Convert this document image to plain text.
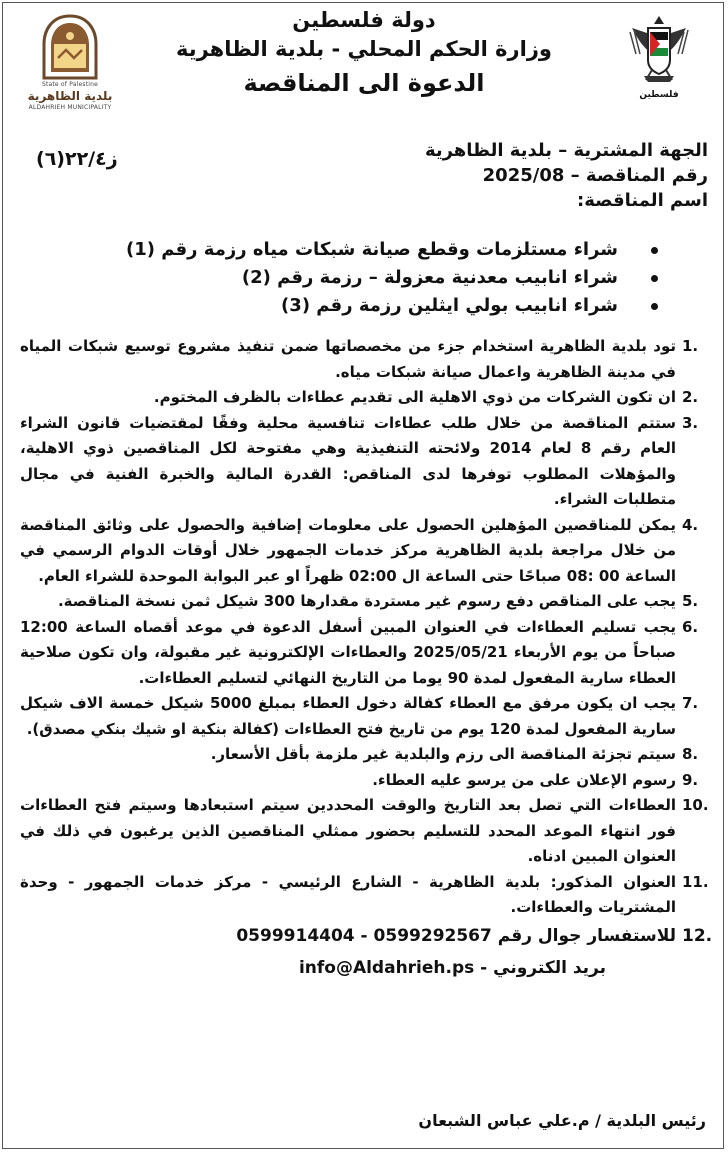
State of Palestine
بلدية الظاهرية
ALDAHRIEH MUNICIPALITY
فلسطين
دولة فلسطين
وزارة الحكم المحلي - بلدية الظاهرية
الدعوة الى المناقصة
ز٢٢/٤(٦)	الجهة المشترية – بلدية الظاهرية
رقم المناقصة – 2025/08
اسم المناقصة:
شراء مستلزمات وقطع صيانة شبكات مياه رزمة رقم (1)
شراء انابيب معدنية معزولة – رزمة رقم (2)
شراء انابيب بولي ايثلين رزمة رقم (3)
1.
تود بلدية الظاهرية استخدام جزء من مخصصاتها ضمن تنفيذ مشروع توسيع شبكات المياه في مدينة الظاهرية واعمال صيانة شبكات مياه.
2.
ان تكون الشركات من ذوي الاهلية الى تقديم عطاءات بالظرف المختوم.
3.
ستتم المناقصة من خلال طلب عطاءات تنافسية محلية وفقًا لمقتضيات قانون الشراء العام رقم 8 لعام 2014 ولائحته التنفيذية وهي مفتوحة لكل المناقصين ذوي الاهلية، والمؤهلات المطلوب توفرها لدى المناقص: القدرة المالية والخبرة الفنية في مجال متطلبات الشراء.
4.
يمكن للمناقصين المؤهلين الحصول على معلومات إضافية والحصول على وثائق المناقصة من خلال مراجعة بلدية الظاهرية مركز خدمات الجمهور خلال أوقات الدوام الرسمي في الساعة 00 :08 صباحًا حتى الساعة ال 02:00 ظهراً او عبر البوابة الموحدة للشراء العام.
5.
يجب على المناقص دفع رسوم غير مستردة مقدارها 300 شيكل ثمن نسخة المناقصة.
6.
يجب تسليم العطاءات في العنوان المبين أسفل الدعوة في موعد أقصاه الساعة 12:00 صباحاً من يوم الأربعاء 2025/05/21 والعطاءات الإلكترونية غير مقبولة، وان تكون صلاحية العطاء سارية المفعول لمدة 90 يوما من التاريخ النهائي لتسليم العطاءات.
7.
يجب ان يكون مرفق مع العطاء كفالة دخول العطاء بمبلغ 5000 شيكل خمسة الاف شيكل سارية المفعول لمدة 120 يوم من تاريخ فتح العطاءات (كفالة بنكية او شيك بنكي مصدق).
8.
سيتم تجزئة المناقصة الى رزم والبلدية غير ملزمة بأقل الأسعار.
9.
رسوم الإعلان على من يرسو عليه العطاء.
10.
العطاءات التي تصل بعد التاريخ والوقت المحددين سيتم استبعادها وسيتم فتح العطاءات فور انتهاء الموعد المحدد للتسليم بحضور ممثلي المناقصين الذين يرغبون في ذلك في العنوان المبين ادناه.
11.
العنوان المذكور: بلدية الظاهرية - الشارع الرئيسي - مركز خدمات الجمهور - وحدة المشتريات والعطاءات.
12.
للاستفسار جوال رقم 0599292567 - 0599914404
بريد الكتروني - info@Aldahrieh.ps
رئيس البلدية / م.علي عباس الشبعان
